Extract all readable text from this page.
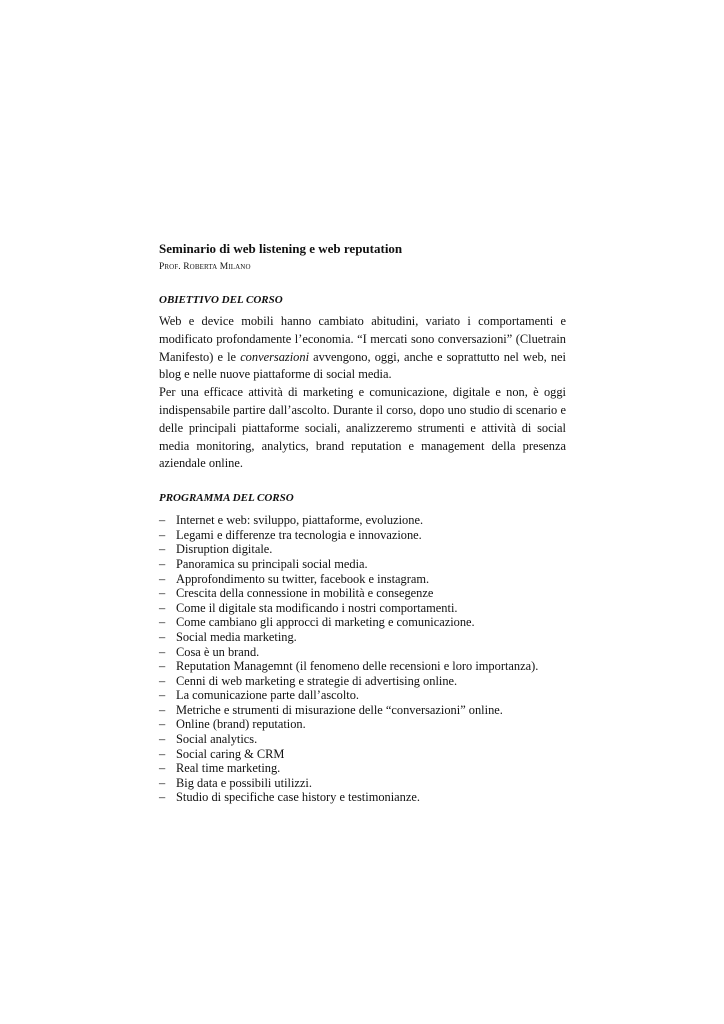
Seminario di web listening e web reputation

Prof. Roberta Milano

OBIETTIVO DEL CORSO

Web e device mobili hanno cambiato abitudini, variato i comportamenti e modificato profondamente l’economia. “I mercati sono conversazioni” (Cluetrain Manifesto) e le conversazioni avvengono, oggi, anche e soprattutto nel web, nei blog e nelle nuove piattaforme di social media.

Per una efficace attività di marketing e comunicazione, digitale e non, è oggi indispensabile partire dall’ascolto. Durante il corso, dopo uno studio di scenario e delle principali piattaforme sociali, analizzeremo strumenti e attività di social media monitoring, analytics, brand reputation e management della presenza aziendale online.

PROGRAMMA DEL CORSO

– Internet e web: sviluppo, piattaforme, evoluzione.
– Legami e differenze tra tecnologia e innovazione.
– Disruption digitale.
– Panoramica su principali social media.
– Approfondimento su twitter, facebook e instagram.
– Crescita della connessione in mobilità e consegenze
– Come il digitale sta modificando i nostri comportamenti.
– Come cambiano gli approcci di marketing e comunicazione.
– Social media marketing.
– Cosa è un brand.
– Reputation Managemnt (il fenomeno delle recensioni e loro importanza).
– Cenni di web marketing e strategie di advertising online.
– La comunicazione parte dall’ascolto.
– Metriche e strumenti di misurazione delle “conversazioni” online.
– Online (brand) reputation.
– Social analytics.
– Social caring & CRM
– Real time marketing.
– Big data e possibili utilizzi.
– Studio di specifiche case history e testimonianze.
